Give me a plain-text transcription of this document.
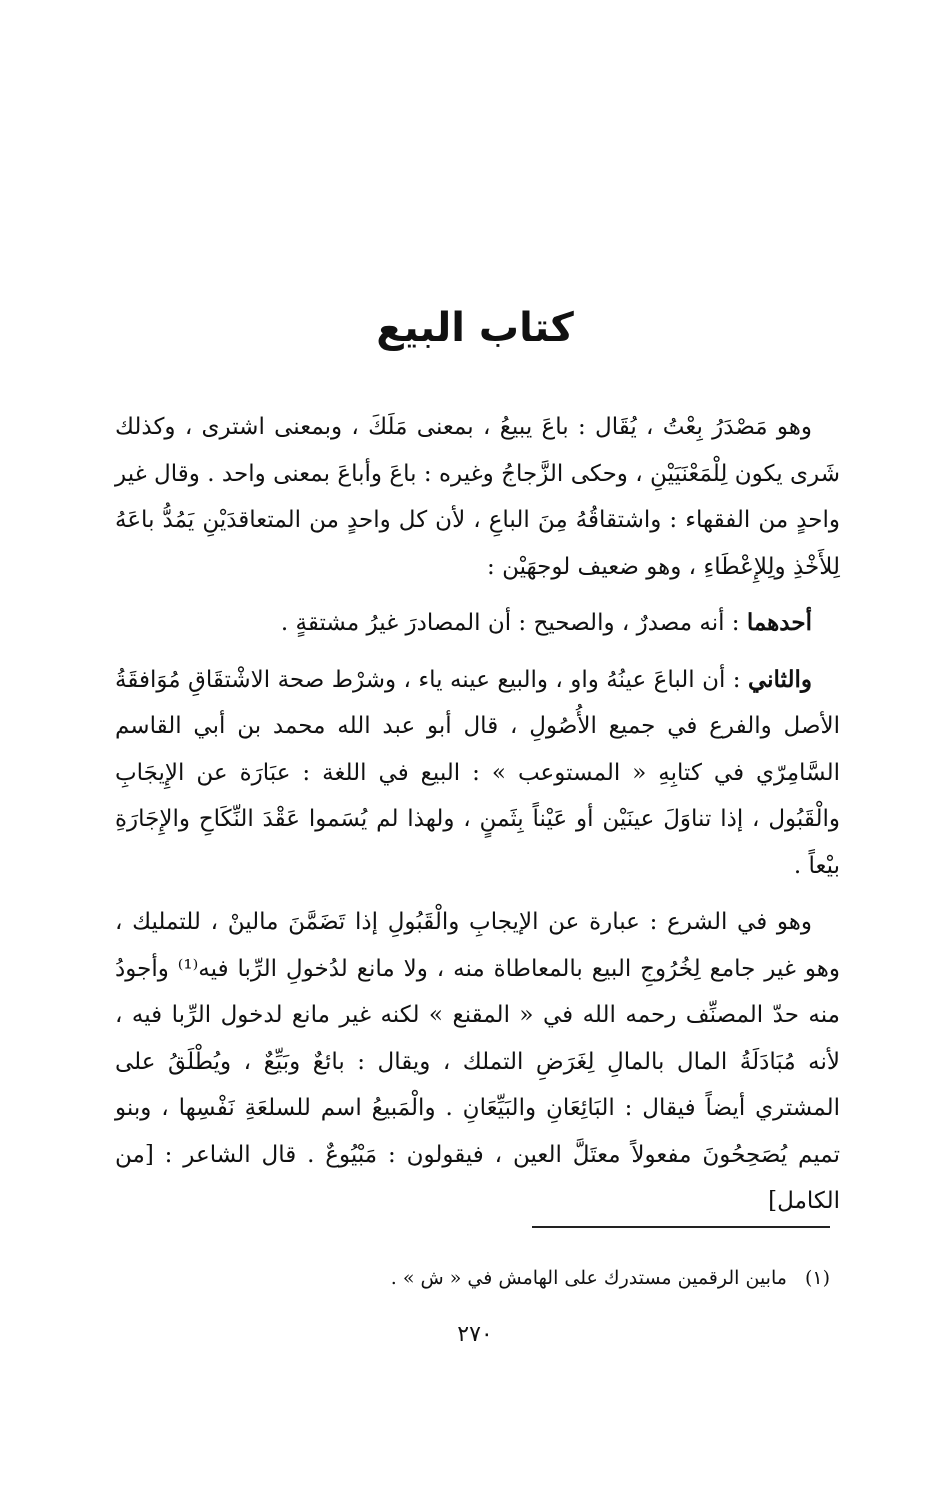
كتاب البيع

وهو مَصْدَرُ بِعْتُ ، يُقَال : باعَ يبيعُ ، بمعنى مَلَكَ ، وبمعنى اشترى ، وكذلك شَرى يكون لِلْمَعْنَيَيْنِ ، وحكى الزَّجاجُ وغيره : باعَ وأباعَ بمعنى واحد . وقال غير واحدٍ من الفقهاء : واشتقاقُهُ مِنَ الباعِ ، لأن كل واحدٍ من المتعاقدَيْنِ يَمُدُّ باعَهُ لِلأَخْذِ ولِلإِعْطَاءِ ، وهو ضعيف لوجهَيْن :

أحدهما : أنه مصدرٌ ، والصحيح : أن المصادرَ غيرُ مشتقةٍ .

والثاني : أن الباعَ عينُهُ واو ، والبيع عينه ياء ، وشرْط صحة الاشْتقَاقِ مُوَافقَةُ الأصل والفرع في جميع الأُصُولِ ، قال أبو عبد الله محمد بن أبي القاسم السَّامِرّي في كتابِهِ « المستوعب » : البيع في اللغة : عبَارَة عن الإِيجَابِ والْقَبُول ، إذا تناوَلَ عينَيْن أو عَيْناً بِثَمنٍ ، ولهذا لم يُسَموا عَقْدَ النِّكَاحِ والإِجَارَةِ بيْعاً .

وهو في الشرع : عبارة عن الإيجابِ والْقَبُولِ إذا تَضَمَّنَ مالينْ ، للتمليك ، وهو غير جامع لِخُرُوجِ البيع بالمعاطاة منه ، ولا مانع لدُخولِ الرِّبا فيه⁽¹⁾ وأجودُ منه حدّ المصنِّف رحمه الله في « المقنع » لكنه غير مانع لدخول الرِّبا فيه ، لأنه مُبَادَلَةُ المال بالمالِ لِغَرَضِ التملك ، ويقال : بائعٌ وبَيِّعٌ ، ويُطْلَقُ على المشتري أيضاً فيقال : البَائِعَانِ والبَيِّعَانِ . والْمَبيعُ اسم للسلعَةِ نَفْسِها ، وبنو تميم يُصَحِحُونَ مفعولاً معتَلَّ العين ، فيقولون : مَبْيُوعٌ . قال الشاعر : [من الكامل]

(١)مابين الرقمين مستدرك على الهامش في « ش » .

٢٧٠
